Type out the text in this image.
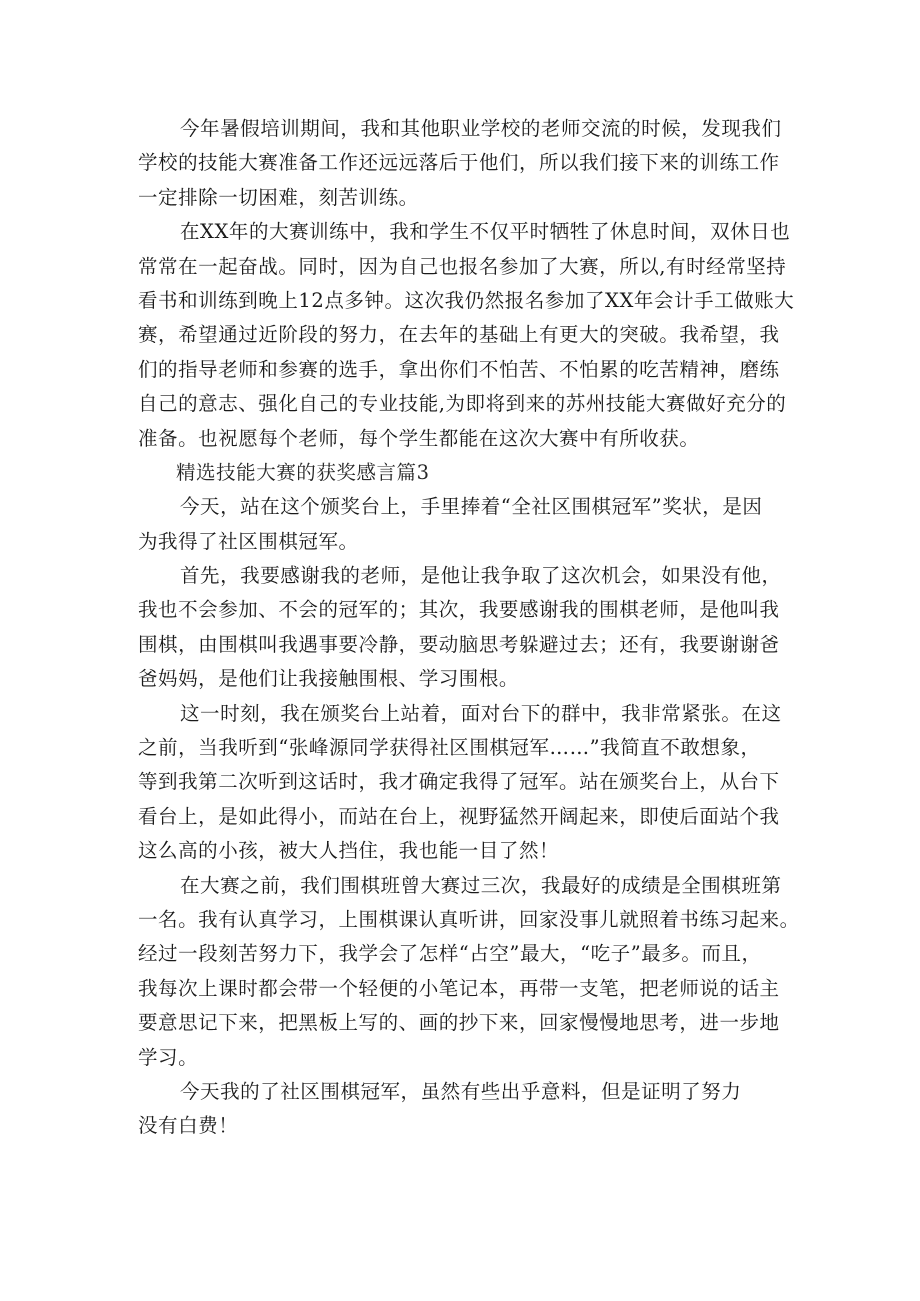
今年暑假培训期间，我和其他职业学校的老师交流的时候，发现我们
学校的技能大赛准备工作还远远落后于他们，所以我们接下来的训练工作
一定排除一切困难，刻苦训练。
在XX年的大赛训练中，我和学生不仅平时牺牲了休息时间，双休日也
常常在一起奋战。同时，因为自己也报名参加了大赛，所以,有时经常坚持
看书和训练到晚上12点多钟。这次我仍然报名参加了XX年会计手工做账大
赛，希望通过近阶段的努力，在去年的基础上有更大的突破。我希望，我
们的指导老师和参赛的选手，拿出你们不怕苦、不怕累的吃苦精神，磨练
自己的意志、强化自己的专业技能,为即将到来的苏州技能大赛做好充分的
准备。也祝愿每个老师，每个学生都能在这次大赛中有所收获。
精选技能大赛的获奖感言篇3
今天，站在这个颁奖台上，手里捧着“全社区围棋冠军”奖状，是因
为我得了社区围棋冠军。
首先，我要感谢我的老师，是他让我争取了这次机会，如果没有他，
我也不会参加、不会的冠军的；其次，我要感谢我的围棋老师，是他叫我
围棋，由围棋叫我遇事要冷静，要动脑思考躲避过去；还有，我要谢谢爸
爸妈妈，是他们让我接触围根、学习围根。
这一时刻，我在颁奖台上站着，面对台下的群中，我非常紧张。在这
之前，当我听到“张峰源同学获得社区围棋冠军……”我简直不敢想象，
等到我第二次听到这话时，我才确定我得了冠军。站在颁奖台上，从台下
看台上，是如此得小，而站在台上，视野猛然开阔起来，即使后面站个我
这么高的小孩，被大人挡住，我也能一目了然！
在大赛之前，我们围棋班曾大赛过三次，我最好的成绩是全围棋班第
一名。我有认真学习，上围棋课认真听讲，回家没事儿就照着书练习起来。
经过一段刻苦努力下，我学会了怎样“占空”最大，“吃子”最多。而且，
我每次上课时都会带一个轻便的小笔记本，再带一支笔，把老师说的话主
要意思记下来，把黑板上写的、画的抄下来，回家慢慢地思考，进一步地
学习。
今天我的了社区围棋冠军，虽然有些出乎意料，但是证明了努力
没有白费！
